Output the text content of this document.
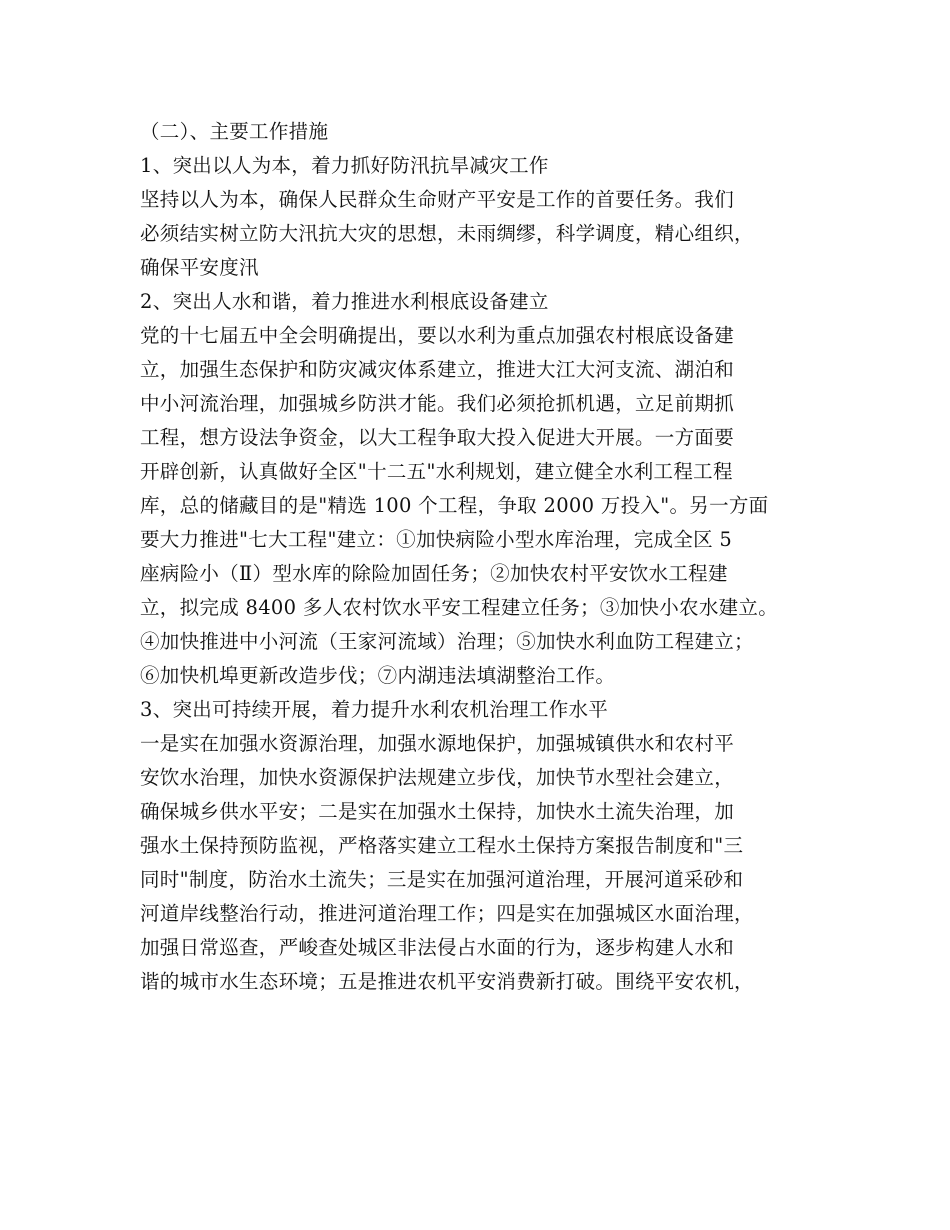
（二）、主要工作措施
1、突出以人为本，着力抓好防汛抗旱减灾工作
坚持以人为本，确保人民群众生命财产平安是工作的首要任务。我们
必须结实树立防大汛抗大灾的思想，未雨绸缪，科学调度，精心组织，
确保平安度汛
2、突出人水和谐，着力推进水利根底设备建立
党的十七届五中全会明确提出，要以水利为重点加强农村根底设备建
立，加强生态保护和防灾减灾体系建立，推进大江大河支流、湖泊和
中小河流治理，加强城乡防洪才能。我们必须抢抓机遇，立足前期抓
工程，想方设法争资金，以大工程争取大投入促进大开展。一方面要
开辟创新，认真做好全区"十二五"水利规划，建立健全水利工程工程
库，总的储藏目的是"精选 100 个工程，争取 2000 万投入"。另一方面
要大力推进"七大工程"建立：①加快病险小型水库治理，完成全区 5
座病险小（Ⅱ）型水库的除险加固任务；②加快农村平安饮水工程建
立，拟完成 8400 多人农村饮水平安工程建立任务；③加快小农水建立。
④加快推进中小河流（王家河流域）治理；⑤加快水利血防工程建立；
⑥加快机埠更新改造步伐；⑦内湖违法填湖整治工作。
3、突出可持续开展，着力提升水利农机治理工作水平
一是实在加强水资源治理，加强水源地保护，加强城镇供水和农村平
安饮水治理，加快水资源保护法规建立步伐，加快节水型社会建立，
确保城乡供水平安；二是实在加强水土保持，加快水土流失治理，加
强水土保持预防监视，严格落实建立工程水土保持方案报告制度和"三
同时"制度，防治水土流失；三是实在加强河道治理，开展河道采砂和
河道岸线整治行动，推进河道治理工作；四是实在加强城区水面治理，
加强日常巡查，严峻查处城区非法侵占水面的行为，逐步构建人水和
谐的城市水生态环境；五是推进农机平安消费新打破。围绕平安农机，
